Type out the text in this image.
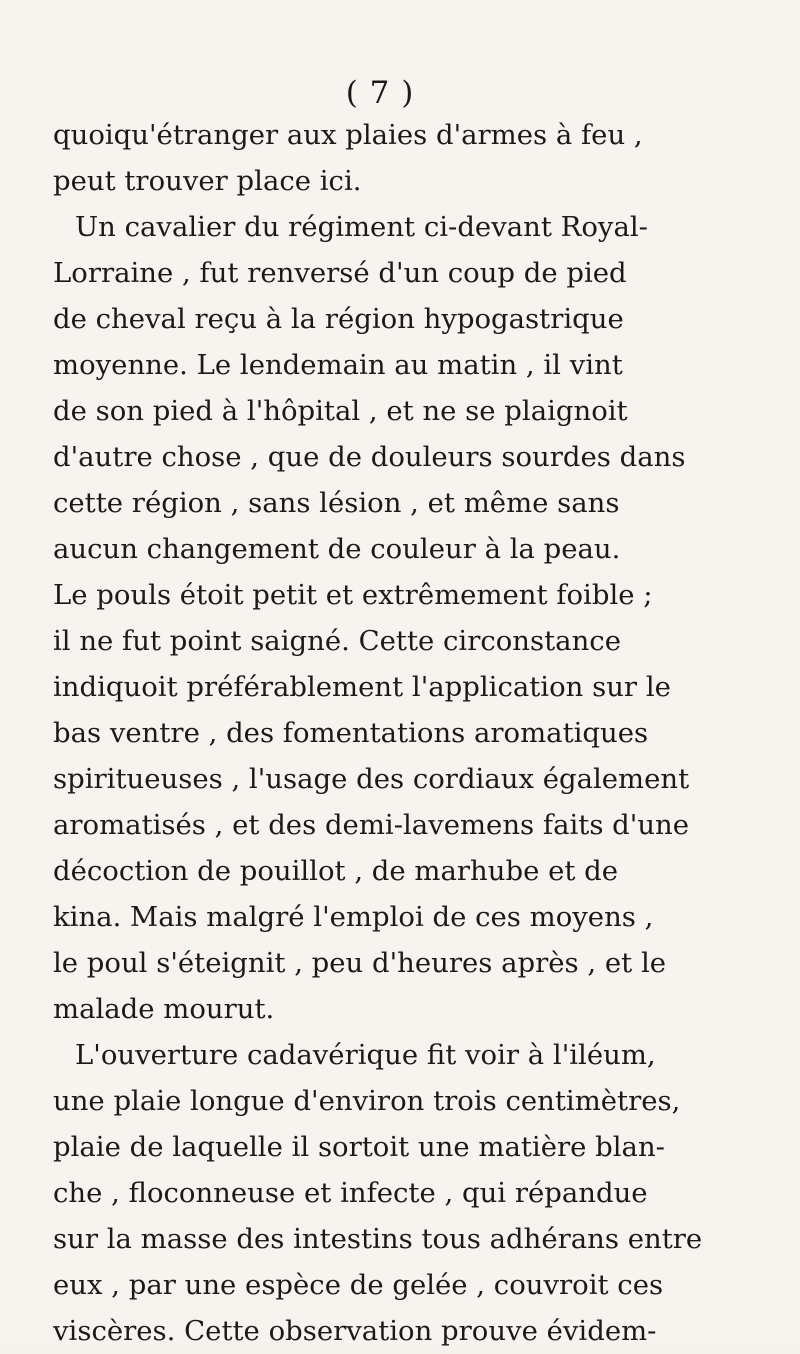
( 7 )
quoiqu'étranger aux plaies d'armes à feu ,
peut trouver place ici.
Un cavalier du régiment ci-devant Royal-
Lorraine , fut renversé d'un coup de pied
de cheval reçu à la région hypogastrique
moyenne. Le lendemain au matin , il vint
de son pied à l'hôpital , et ne se plaignoit
d'autre chose , que de douleurs sourdes dans
cette région , sans lésion , et même sans
aucun changement de couleur à la peau.
Le pouls étoit petit et extrêmement foible ;
il ne fut point saigné. Cette circonstance
indiquoit préférablement l'application sur le
bas ventre , des fomentations aromatiques
spiritueuses , l'usage des cordiaux également
aromatisés , et des demi-lavemens faits d'une
décoction de pouillot , de marhube et de
kina. Mais malgré l'emploi de ces moyens ,
le poul s'éteignit , peu d'heures après , et le
malade mourut.
L'ouverture cadavérique fit voir à l'iléum,
une plaie longue d'environ trois centimètres,
plaie de laquelle il sortoit une matière blan-
che , floconneuse et infecte , qui répandue
sur la masse des intestins tous adhérans entre
eux , par une espèce de gelée , couvroit ces
viscères. Cette observation prouve évidem-
